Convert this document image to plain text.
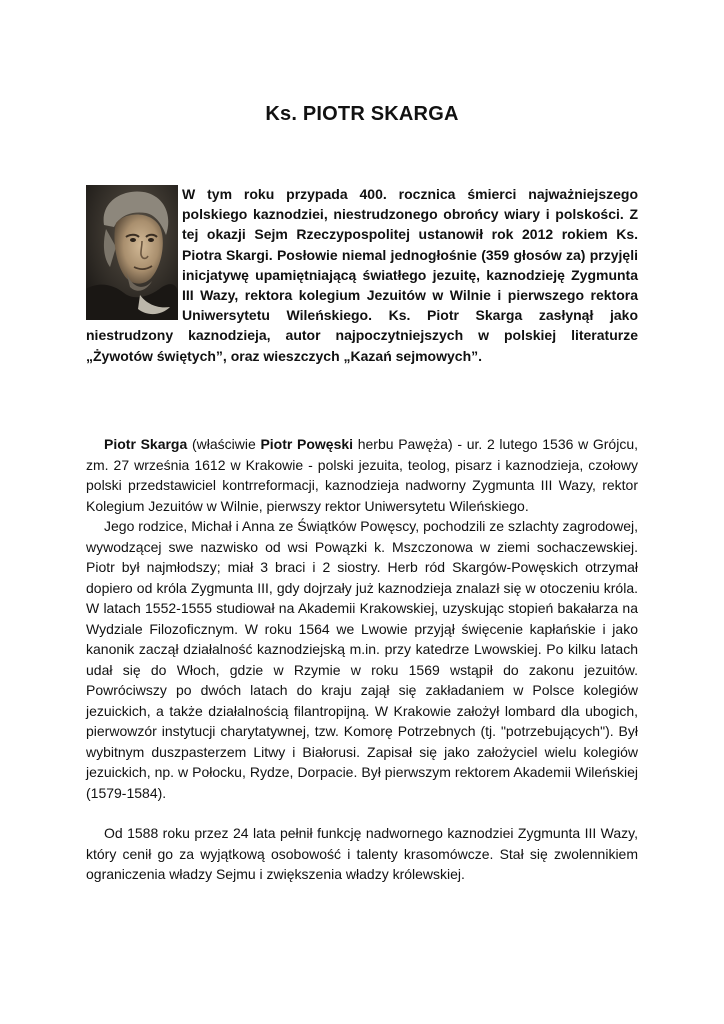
Ks. PIOTR SKARGA
W tym roku przypada 400. rocznica śmierci najważniejszego polskiego kaznodziei, niestrudzonego obrońcy wiary i polskości. Z tej okazji Sejm Rzeczypospolitej ustanowił rok 2012 rokiem Ks. Piotra Skargi. Posłowie niemal jednogłośnie (359 głosów za) przyjęli inicjatywę upamiętniającą światłego jezuitę, kaznodzieję Zygmunta III Wazy, rektora kolegium Jezuitów w Wilnie i pierwszego rektora Uniwersytetu Wileńskiego. Ks. Piotr Skarga zasłynął jako niestrudzony kaznodzieja, autor najpoczytniejszych w polskiej literaturze „Żywotów świętych”, oraz wieszczych „Kazań sejmowych”.

Piotr Skarga (właściwie Piotr Powęski herbu Pawęża) - ur. 2 lutego 1536 w Grójcu, zm. 27 września 1612 w Krakowie - polski jezuita, teolog, pisarz i kaznodzieja, czołowy polski przedstawiciel kontrreformacji, kaznodzieja nadworny Zygmunta III Wazy, rektor Kolegium Jezuitów w Wilnie, pierwszy rektor Uniwersytetu Wileńskiego.

Jego rodzice, Michał i Anna ze Świątków Powęscy, pochodzili ze szlachty zagrodowej, wywodzącej swe nazwisko od wsi Powązki k. Mszczonowa w ziemi sochaczewskiej. Piotr był najmłodszy; miał 3 braci i 2 siostry. Herb ród Skargów-Powęskich otrzymał dopiero od króla Zygmunta III, gdy dojrzały już kaznodzieja znalazł się w otoczeniu króla. W latach 1552-1555 studiował na Akademii Krakowskiej, uzyskując stopień bakałarza na Wydziale Filozoficznym. W roku 1564 we Lwowie przyjął święcenie kapłańskie i jako kanonik zaczął działalność kaznodziejską m.in. przy katedrze Lwowskiej. Po kilku latach udał się do Włoch, gdzie w Rzymie w roku 1569 wstąpił do zakonu jezuitów. Powróciwszy po dwóch latach do kraju zajął się zakładaniem w Polsce kolegiów jezuickich, a także działalnością filantropijną. W Krakowie założył lombard dla ubogich, pierwowzór instytucji charytatywnej, tzw. Komorę Potrzebnych (tj. "potrzebujących"). Był wybitnym duszpasterzem Litwy i Białorusi. Zapisał się jako założyciel wielu kolegiów jezuickich, np. w Połocku, Rydze, Dorpacie. Był pierwszym rektorem Akademii Wileńskiej (1579-1584).

Od 1588 roku przez 24 lata pełnił funkcję nadwornego kaznodziei Zygmunta III Wazy, który cenił go za wyjątkową osobowość i talenty krasomówcze. Stał się zwolennikiem ograniczenia władzy Sejmu i zwiększenia władzy królewskiej.
